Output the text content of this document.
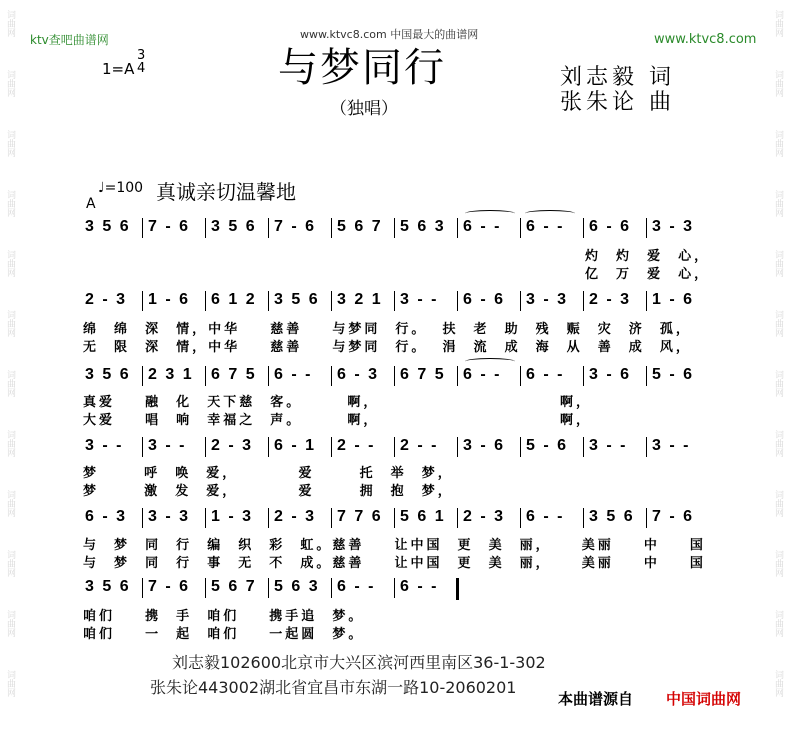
词曲网
词曲网
词曲网
词曲网
词曲网
词曲网
词曲网
词曲网
词曲网
词曲网
词曲网
词曲网
词曲网
词曲网
词曲网
词曲网
词曲网
词曲网
词曲网
词曲网
词曲网
词曲网
词曲网
词曲网
ktv查吧曲谱网	www.ktvc8.com 中国最大的曲谱网	www.ktvc8.com
1=A
3
4	与梦同行
（独唱）
刘志毅 词
张朱论 曲
♩=100 真诚亲切温馨地
A
3 5 6 7 - 6 3 5 6 7 - 6 5 6 7 5 6 3 6 - - 6 - - 6 - 6 3 - 3
灼  灼  爱  心，
亿  万  爱  心，
2 - 3 1 - 6 6 1 2 3 5 6 3 2 1 3 - - 6 - 6 3 - 3 2 - 3 1 - 6
绵  绵  深  情，中华    慈善    与梦同  行。  扶  老  助  残  赈  灾  济  孤，
无  限  深  情，中华    慈善    与梦同  行。  涓  流  成  海  从  善  成  风，
3 5 6 2 3 1 6 7 5 6 - - 6 - 3 6 7 5 6 - - 6 - - 3 - 6 5 - 6
真爱    融  化  天下慈  客。      啊，                        啊，
大爱    唱  响  幸福之  声。      啊，                        啊，
3 - - 3 - - 2 - 3 6 - 1 2 - - 2 - - 3 - 6 5 - 6 3 - - 3 - -
梦      呼  唤  爱，        爱      托  举  梦，
梦      激  发  爱，        爱      拥  抱  梦，
6 - 3 3 - 3 1 - 3 2 - 3 7 7 6 5 6 1 2 - 3 6 - - 3 5 6 7 - 6
与  梦  同  行  编  织  彩  虹。慈善    让中国  更  美  丽，    美丽    中    国
与  梦  同  行  事  无  不  成。慈善    让中国  更  美  丽，    美丽    中    国
3 5 6 7 - 6 5 6 7 5 6 3 6 - - 6 - -
咱们    携  手  咱们    携手追  梦。
咱们    一  起  咱们    一起圆  梦。
刘志毅102600北京市大兴区滨河西里南区36-1-302
张朱论443002湖北省宜昌市东湖一路10-2060201
本曲谱源自 中国词曲网
